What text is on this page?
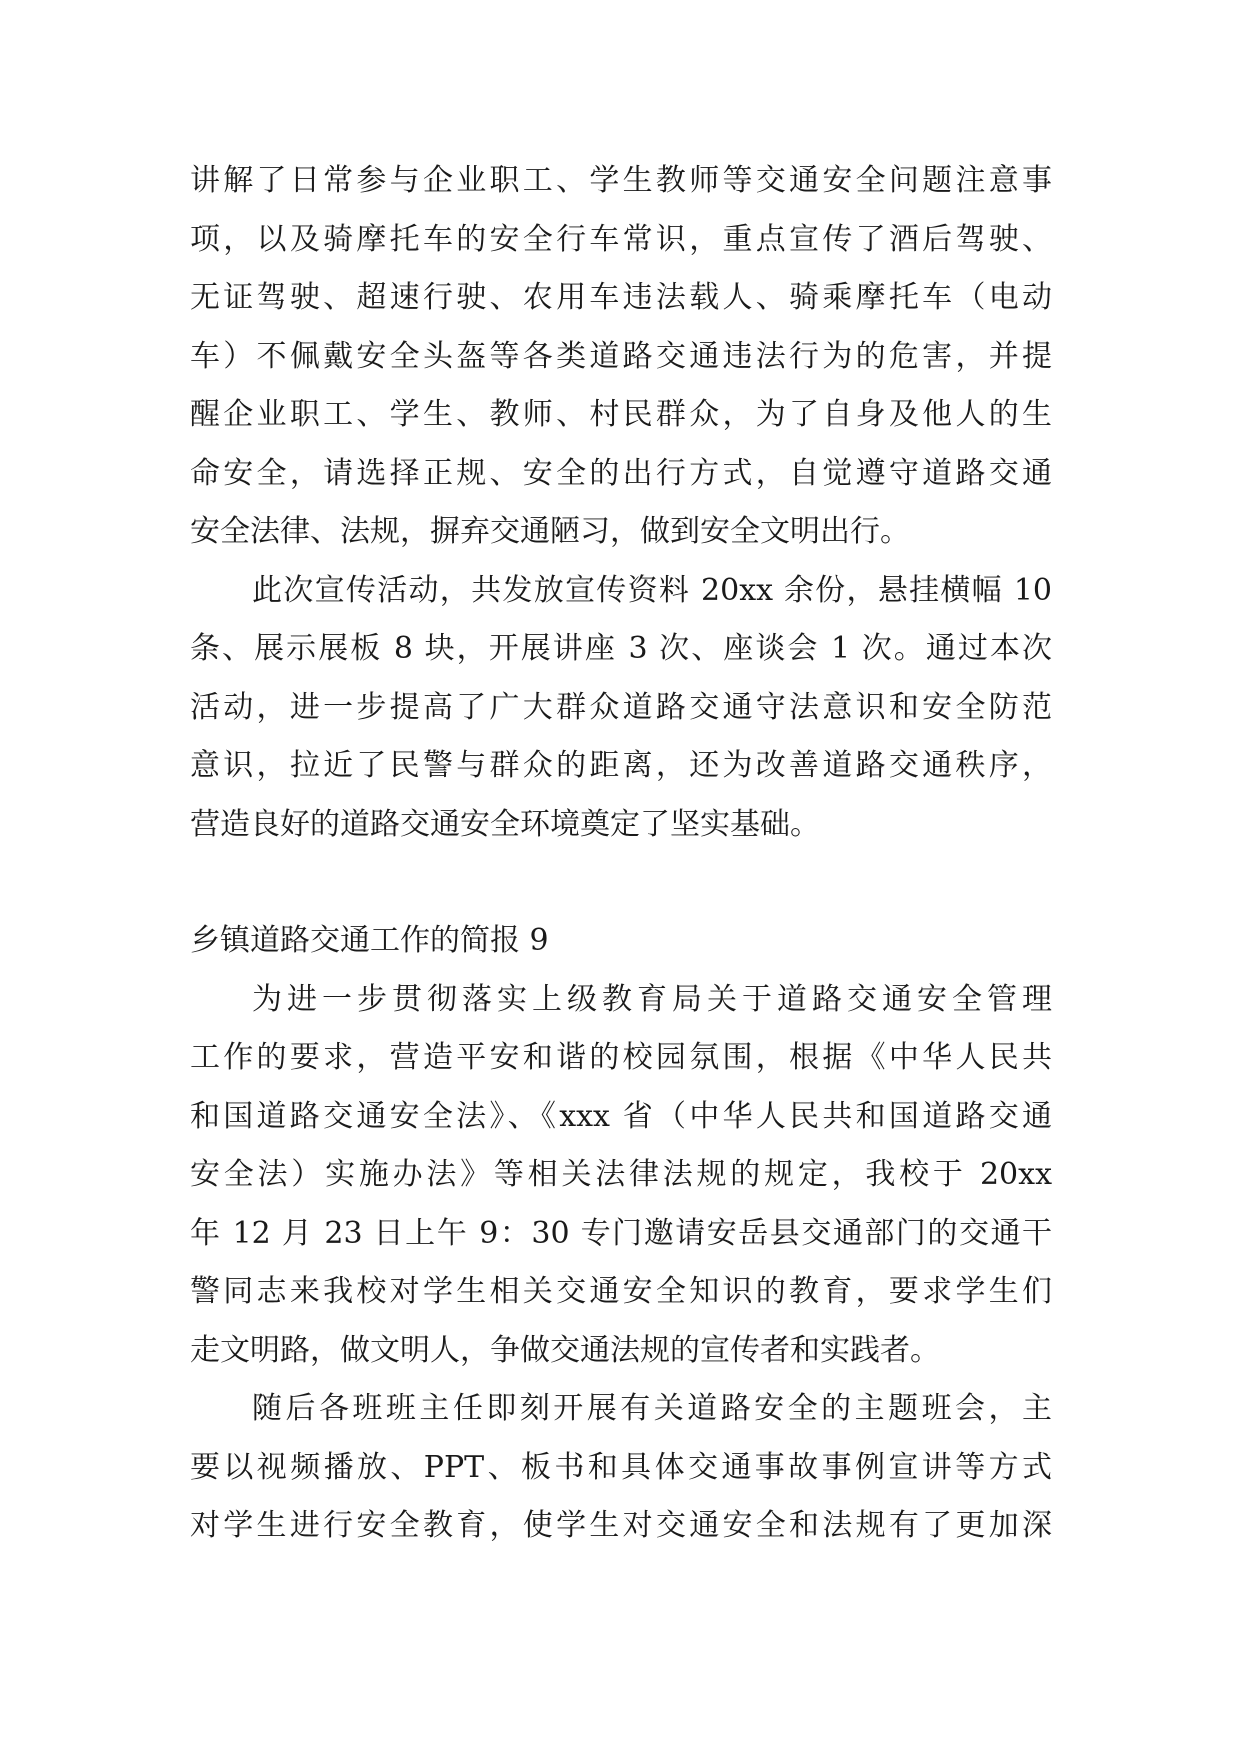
讲解了日常参与企业职工、学生教师等交通安全问题注意事
项，以及骑摩托车的安全行车常识，重点宣传了酒后驾驶、
无证驾驶、超速行驶、农用车违法载人、骑乘摩托车（电动
车）不佩戴安全头盔等各类道路交通违法行为的危害，并提
醒企业职工、学生、教师、村民群众，为了自身及他人的生
命安全，请选择正规、安全的出行方式，自觉遵守道路交通
安全法律、法规，摒弃交通陋习，做到安全文明出行。
此次宣传活动，共发放宣传资料 20xx 余份，悬挂横幅 10
条、展示展板 8 块，开展讲座 3 次、座谈会 1 次。通过本次
活动，进一步提高了广大群众道路交通守法意识和安全防范
意识，拉近了民警与群众的距离，还为改善道路交通秩序，
营造良好的道路交通安全环境奠定了坚实基础。
乡镇道路交通工作的简报 9
为进一步贯彻落实上级教育局关于道路交通安全管理
工作的要求，营造平安和谐的校园氛围，根据《中华人民共
和国道路交通安全法》、《xxx 省（中华人民共和国道路交通
安全法）实施办法》等相关法律法规的规定，我校于 20xx
年 12 月 23 日上午 9：30 专门邀请安岳县交通部门的交通干
警同志来我校对学生相关交通安全知识的教育，要求学生们
走文明路，做文明人，争做交通法规的宣传者和实践者。
随后各班班主任即刻开展有关道路安全的主题班会，主
要以视频播放、PPT、板书和具体交通事故事例宣讲等方式
对学生进行安全教育，使学生对交通安全和法规有了更加深
